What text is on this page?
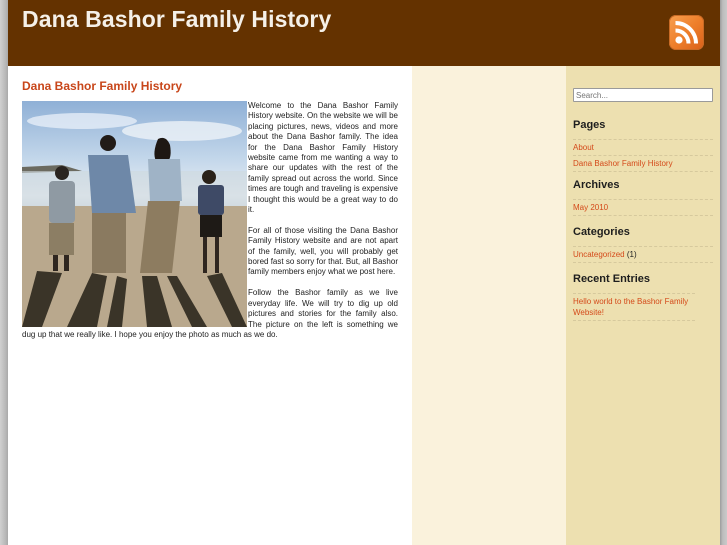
Dana Bashor Family History
Dana Bashor Family History

Welcome to the Dana Bashor Family History website. On the website we will be placing pictures, news, videos and more about the Dana Bashor family. The idea for the Dana Bashor Family History website came from me wanting a way to share our updates with the rest of the family spread out across the world. Since times are tough and traveling is expensive I thought this would be a great way to do it.

For all of those visiting the Dana Bashor Family History website and are not apart of the family, well, you will probably get bored fast so sorry for that. But, all Bashor family members enjoy what we post here.

Follow the Bashor family as we live everyday life. We will try to dig up old pictures and stories for the family also. The picture on the left is something we dug up that we really like. I hope you enjoy the photo as much as we do.

Search...
Pages
About
Dana Bashor Family History
Archives
May 2010
Categories
Uncategorized (1)
Recent Entries
Hello world to the Bashor Family Website!
